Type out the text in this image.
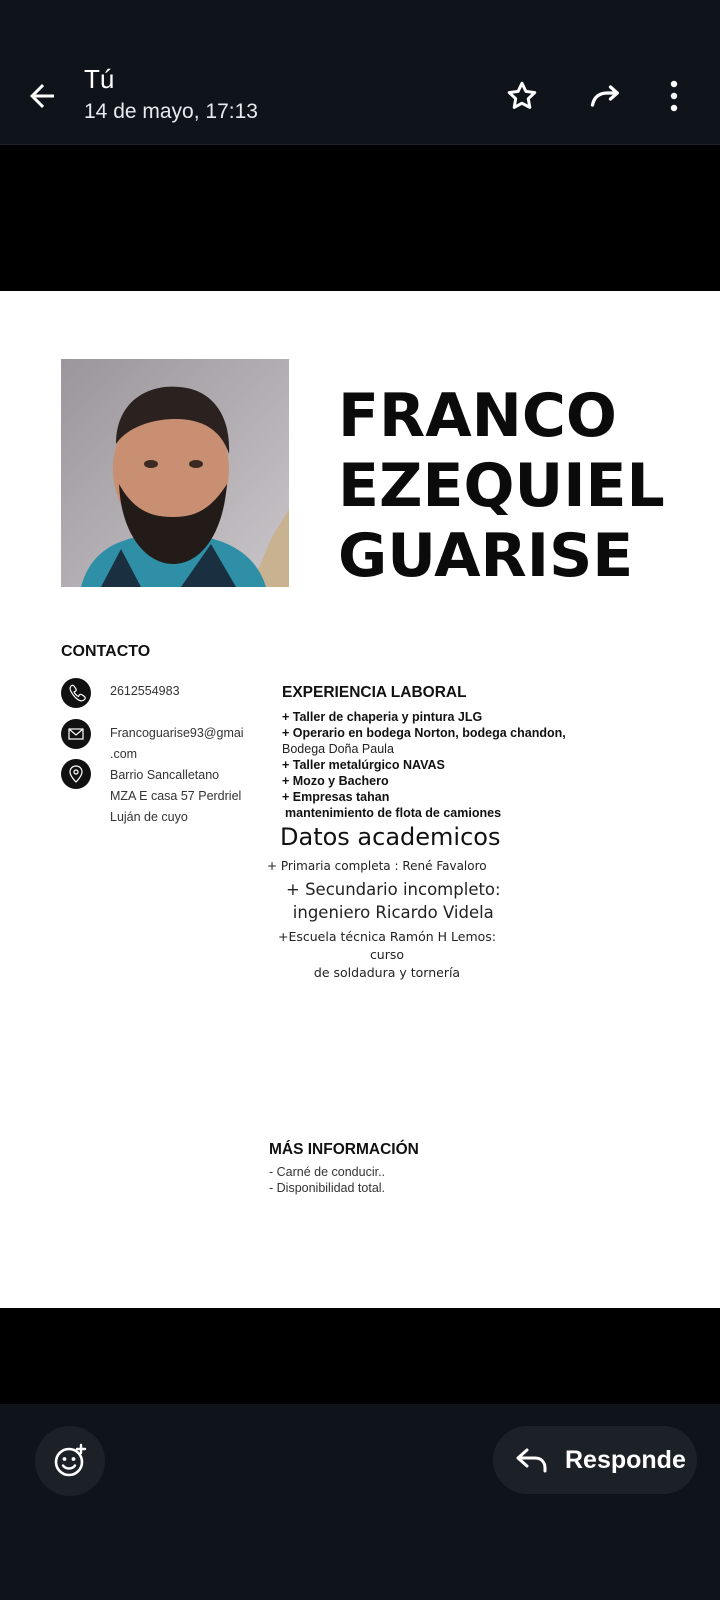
Tú
14 de mayo, 17:13
FRANCO
EZEQUIEL
GUARISE
CONTACTO
2612554983
Francoguarise93@gmai
.com
Barrio Sancalletano
MZA E casa 57 Perdriel
Luján de cuyo
EXPERIENCIA LABORAL
+ Taller de chaperia y pintura JLG
+ Operario en bodega Norton, bodega chandon,
Bodega Doña Paula
+ Taller metalúrgico NAVAS
+ Mozo y Bachero
+ Empresas tahan
mantenimiento de flota de camiones
Datos academicos
+ Primaria completa : René Favaloro
+ Secundario incompleto:
ingeniero Ricardo Videla
+Escuela técnica Ramón H Lemos: curso
de soldadura y tornería
MÁS INFORMACIÓN
- Carné de conducir..
- Disponibilidad total.
Responde
